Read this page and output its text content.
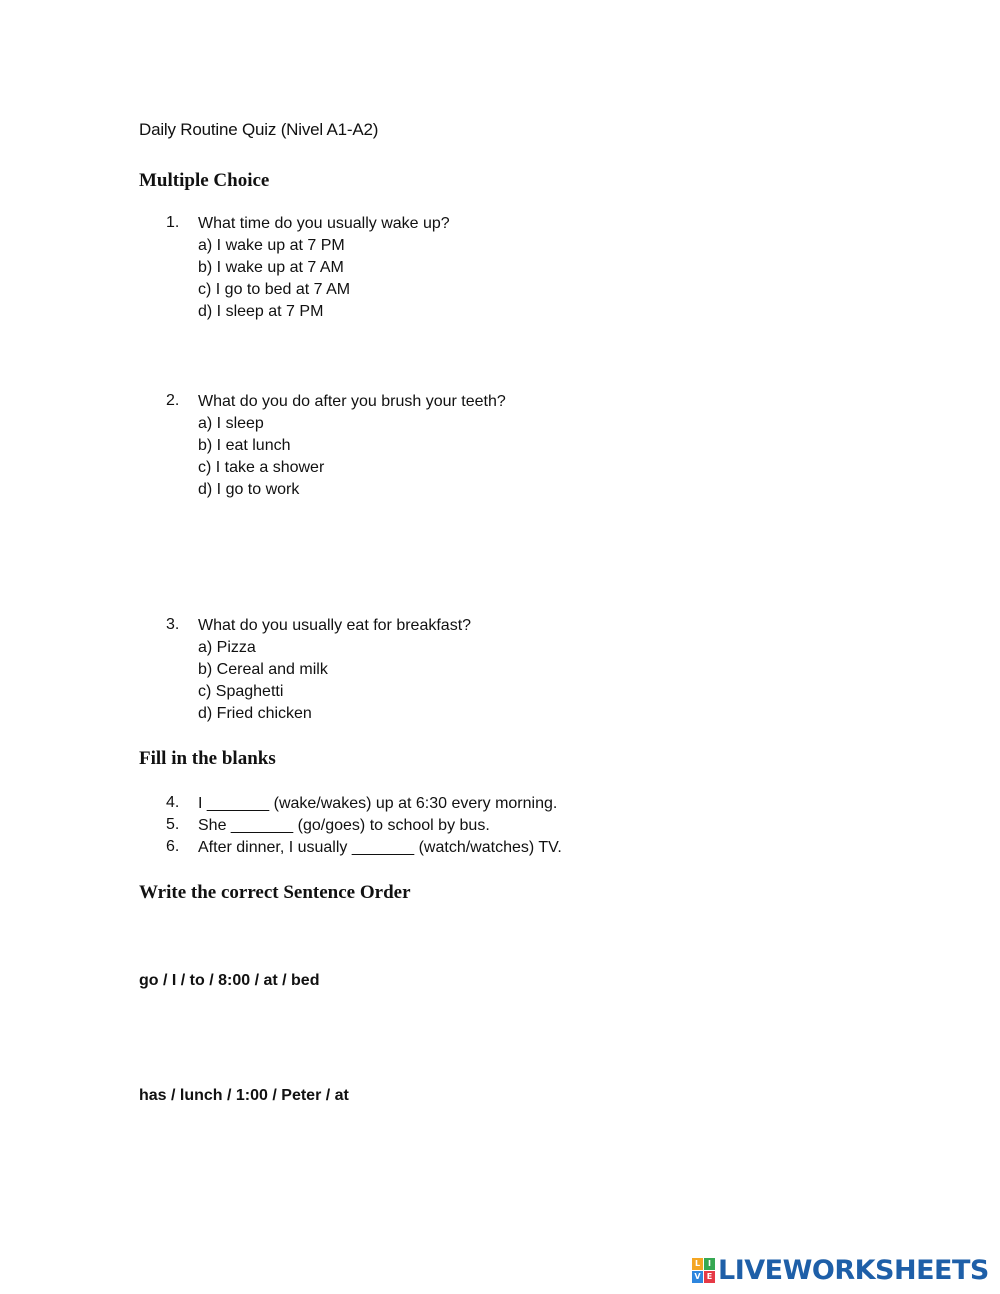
Daily Routine Quiz (Nivel A1-A2)
Multiple Choice
1.	What time do you usually wake up?
a) I wake up at 7 PM
b) I wake up at 7 AM
c) I go to bed at 7 AM
d) I sleep at 7 PM
2.	What do you do after you brush your teeth?
a) I sleep
b) I eat lunch
c) I take a shower
d) I go to work
3.	What do you usually eat for breakfast?
a) Pizza
b) Cereal and milk
c) Spaghetti
d) Fried chicken
Fill in the blanks
4.	I _______ (wake/wakes) up at 6:30 every morning.
5.	She _______ (go/goes) to school by bus.
6.	After dinner, I usually _______ (watch/watches) TV.
Write the correct Sentence Order
go / I / to / 8:00 / at / bed
has / lunch / 1:00 / Peter / at
L I
V E LIVEWORKSHEETS
